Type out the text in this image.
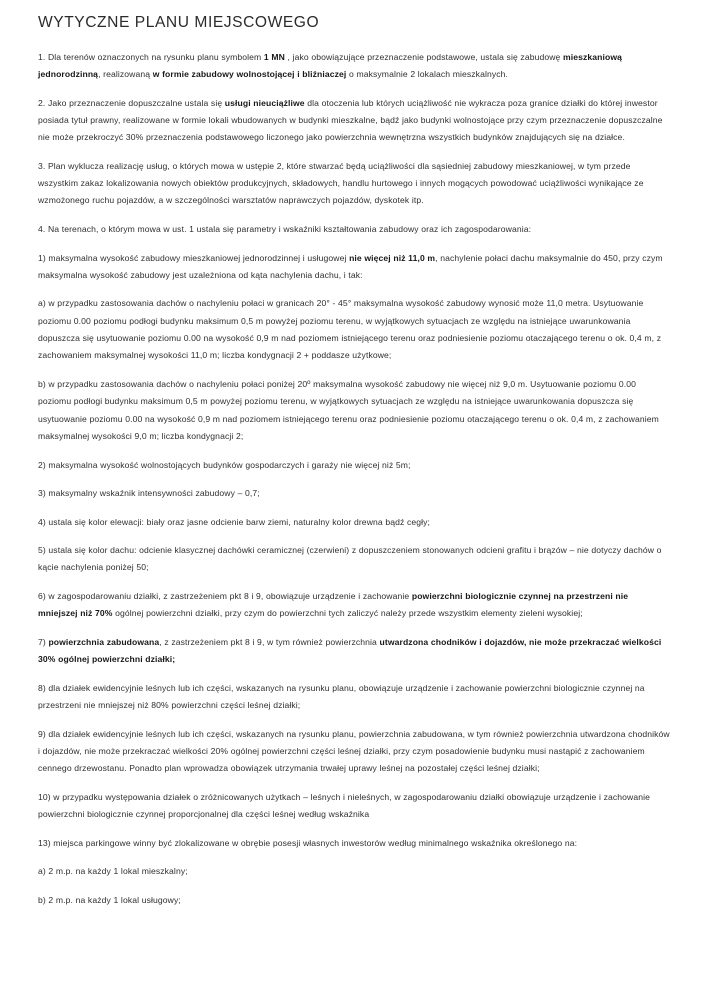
WYTYCZNE PLANU MIEJSCOWEGO

1. Dla terenów oznaczonych na rysunku planu symbolem 1 MN , jako obowiązujące przeznaczenie podstawowe, ustala się zabudowę mieszkaniową jednorodzinną, realizowaną w formie zabudowy wolnostojącej i bliźniaczej o maksymalnie 2 lokalach mieszkalnych.

2. Jako przeznaczenie dopuszczalne ustala się usługi nieuciążliwe dla otoczenia lub których uciążliwość nie wykracza poza granice działki do której inwestor posiada tytuł prawny, realizowane w formie lokali wbudowanych w budynki mieszkalne, bądź jako budynki wolnostojące przy czym przeznaczenie dopuszczalne nie może przekroczyć 30% przeznaczenia podstawowego liczonego jako powierzchnia wewnętrzna wszystkich budynków znajdujących się na działce.

3. Plan wyklucza realizację usług, o których mowa w ustępie 2, które stwarzać będą uciążliwości dla sąsiedniej zabudowy mieszkaniowej, w tym przede wszystkim zakaz lokalizowania nowych obiektów produkcyjnych, składowych, handlu hurtowego i innych mogących powodować uciążliwości wynikające ze wzmożonego ruchu pojazdów, a w szczególności warsztatów naprawczych pojazdów, dyskotek itp.

4. Na terenach, o którym mowa w ust. 1 ustala się parametry i wskaźniki kształtowania zabudowy oraz ich zagospodarowania:

1) maksymalna wysokość zabudowy mieszkaniowej jednorodzinnej i usługowej nie więcej niż 11,0 m, nachylenie połaci dachu maksymalnie do 450, przy czym maksymalna wysokość zabudowy jest uzależniona od kąta nachylenia dachu, i tak:

a) w przypadku zastosowania dachów o nachyleniu połaci w granicach 20° - 45° maksymalna wysokość zabudowy wynosić może 11,0 metra. Usytuowanie poziomu 0.00 poziomu podłogi budynku maksimum 0,5 m powyżej poziomu terenu, w wyjątkowych sytuacjach ze względu na istniejące uwarunkowania dopuszcza się usytuowanie poziomu 0.00 na wysokość 0,9 m nad poziomem istniejącego terenu oraz podniesienie poziomu otaczającego terenu o ok. 0,4 m, z zachowaniem maksymalnej wysokości 11,0 m; liczba kondygnacji 2 + poddasze użytkowe;

b) w przypadku zastosowania dachów o nachyleniu połaci poniżej 20º maksymalna wysokość zabudowy nie więcej niż 9,0 m. Usytuowanie poziomu 0.00 poziomu podłogi budynku maksimum 0,5 m powyżej poziomu terenu, w wyjątkowych sytuacjach ze względu na istniejące uwarunkowania dopuszcza się usytuowanie poziomu 0.00 na wysokość 0,9 m nad poziomem istniejącego terenu oraz podniesienie poziomu otaczającego terenu o ok. 0,4 m, z zachowaniem maksymalnej wysokości 9,0 m; liczba kondygnacji 2;

2) maksymalna wysokość wolnostojących budynków gospodarczych i garaży nie więcej niż 5m;

3) maksymalny wskaźnik intensywności zabudowy – 0,7;

4) ustala się kolor elewacji: biały oraz jasne odcienie barw ziemi, naturalny kolor drewna bądź cegły;

5) ustala się kolor dachu: odcienie klasycznej dachówki ceramicznej (czerwieni) z dopuszczeniem stonowanych odcieni grafitu i brązów – nie dotyczy dachów o kącie nachylenia poniżej 50;

6) w zagospodarowaniu działki, z zastrzeżeniem pkt 8 i 9, obowiązuje urządzenie i zachowanie powierzchni biologicznie czynnej na przestrzeni nie mniejszej niż 70% ogólnej powierzchni działki, przy czym do powierzchni tych zaliczyć należy przede wszystkim elementy zieleni wysokiej;

7) powierzchnia zabudowana, z zastrzeżeniem pkt 8 i 9, w tym również powierzchnia utwardzona chodników i dojazdów, nie może przekraczać wielkości 30% ogólnej powierzchni działki;

8) dla działek ewidencyjnie leśnych lub ich części, wskazanych na rysunku planu, obowiązuje urządzenie i zachowanie powierzchni biologicznie czynnej na przestrzeni nie mniejszej niż 80% powierzchni części leśnej działki;

9) dla działek ewidencyjnie leśnych lub ich części, wskazanych na rysunku planu, powierzchnia zabudowana, w tym również powierzchnia utwardzona chodników i dojazdów, nie może przekraczać wielkości 20% ogólnej powierzchni części leśnej działki, przy czym posadowienie budynku musi nastąpić z zachowaniem cennego drzewostanu. Ponadto plan wprowadza obowiązek utrzymania trwałej uprawy leśnej na pozostałej części leśnej działki;

10) w przypadku występowania działek o zróżnicowanych użytkach – leśnych i nieleśnych, w zagospodarowaniu działki obowiązuje urządzenie i zachowanie powierzchni biologicznie czynnej proporcjonalnej dla części leśnej według wskaźnika

13) miejsca parkingowe winny być zlokalizowane w obrębie posesji własnych inwestorów według minimalnego wskaźnika określonego na:

a) 2 m.p. na każdy 1 lokal mieszkalny;

b) 2 m.p. na każdy 1 lokal usługowy;
